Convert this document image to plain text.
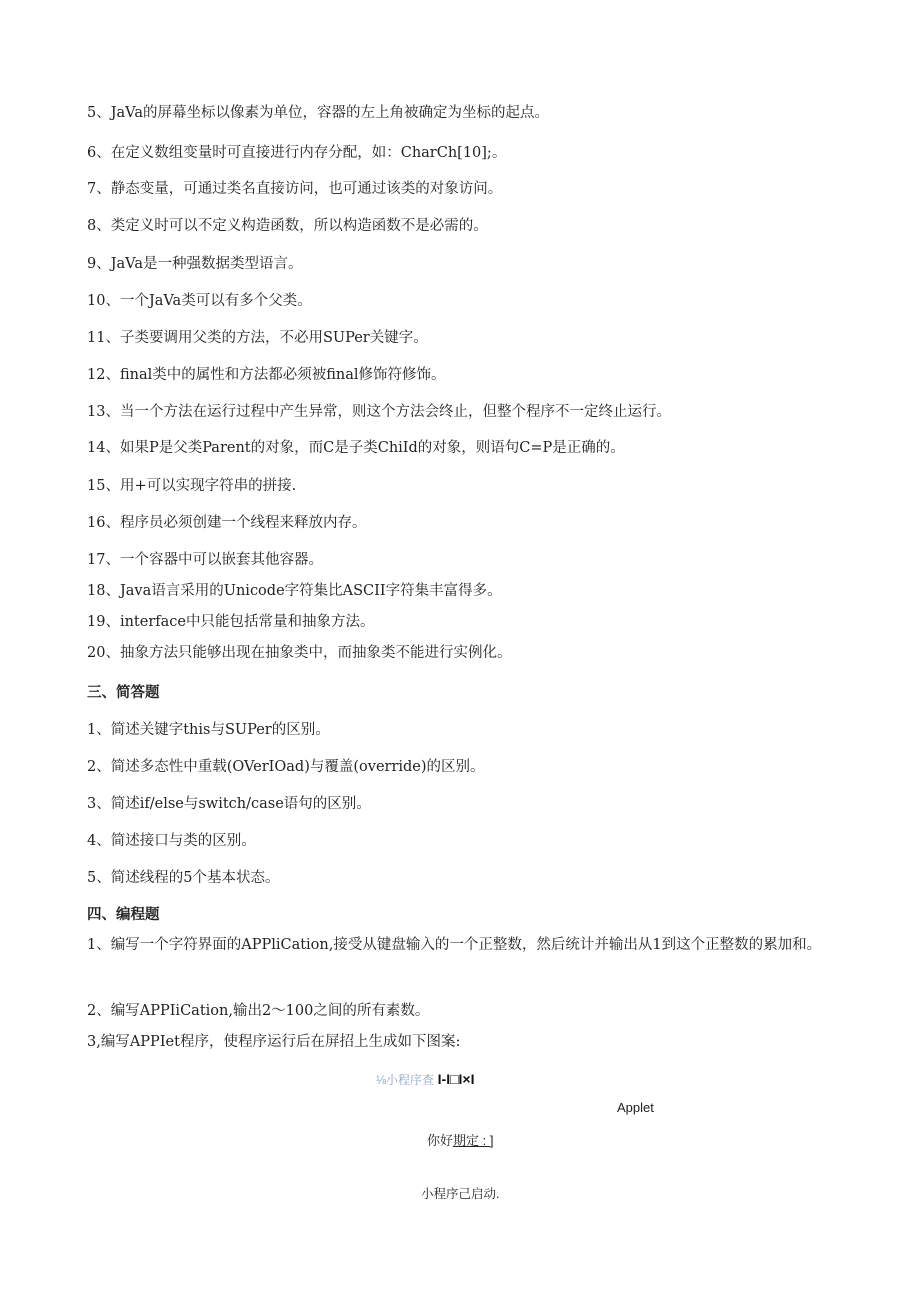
5、JaVa的屏幕坐标以像素为单位，容器的左上角被确定为坐标的起点。
6、在定义数组变量时可直接进行内存分配，如：CharCh[10];。
7、静态变量，可通过类名直接访问，也可通过该类的对象访问。
8、类定义时可以不定义构造函数，所以构造函数不是必需的。
9、JaVa是一种强数据类型语言。
10、一个JaVa类可以有多个父类。
11、子类要调用父类的方法，不必用SUPer关键字。
12、final类中的属性和方法都必须被final修饰符修饰。
13、当一个方法在运行过程中产生异常，则这个方法会终止，但整个程序不一定终止运行。
14、如果P是父类Parent的对象，而C是子类ChiId的对象，则语句C=P是正确的。
15、用+可以实现字符串的拼接.
16、程序员必须创建一个线程来释放内存。
17、一个容器中可以嵌套其他容器。
18、Java语言采用的Unicode字符集比ASCII字符集丰富得多。
19、interface中只能包括常量和抽象方法。
20、抽象方法只能够出现在抽象类中，而抽象类不能进行实例化。
三、简答题
1、简述关键字this与SUPer的区别。
2、简述多态性中重载(OVerIOad)与覆盖(override)的区别。
3、简述if/else与switch/case语句的区别。
4、简述接口与类的区别。
5、简述线程的5个基本状态。
四、编程题
1、编写一个字符界面的APPliCation,接受从键盘输入的一个正整数，然后统计并输出从1到这个正整数的累加和。
2、编写APPIiCation,输出2～100之间的所有素数。
3,编写APPIet程序，使程序运行后在屏招上生成如下图案:
⅛小程序查 I-I□I×I
Applet
你好期定 : ]
小程序己启动.
